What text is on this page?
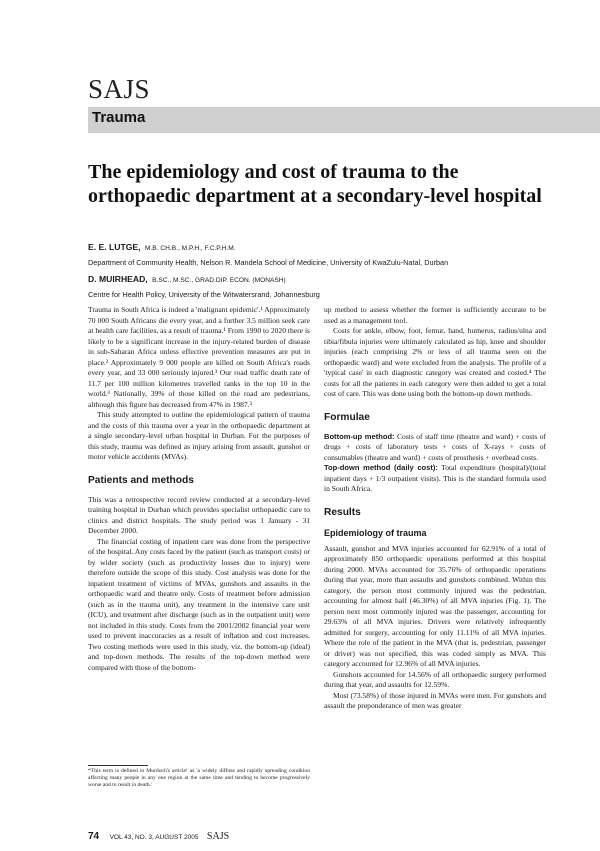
SAJS
Trauma
The epidemiology and cost of trauma to the orthopaedic department at a secondary-level hospital
E. E. LUTGE, M.B. CH.B., M.P.H., F.C.P.H.M.
Department of Community Health, Nelson R. Mandela School of Medicine, University of KwaZulu-Natal, Durban
D. MUIRHEAD, B.SC., M.SC., GRAD.DIP. ECON. (MONASH)
Centre for Health Policy, University of the Witwatersrand, Johannesburg

Trauma in South Africa is indeed a 'malignant epidemic'.¹ Approximately 70 000 South Africans die every year, and a further 3.5 million seek care at health care facilities, as a result of trauma.¹ From 1990 to 2020 there is likely to be a significant increase in the injury-related burden of disease in sub-Saharan Africa unless effective prevention measures are put in place.² Approximately 9 000 people are killed on South Africa's roads every year, and 33 000 seriously injured.³ Our road traffic death rate of 11.7 per 100 million kilometres travelled ranks in the top 10 in the world.³ Nationally, 39% of those killed on the road are pedestrians, although this figure has decreased from 47% in 1987.³

This study attempted to outline the epidemiological pattern of trauma and the costs of this trauma over a year in the orthopaedic department at a single secondary-level urban hospital in Durban. For the purposes of this study, trauma was defined as injury arising from assault, gunshot or motor vehicle accidents (MVAs).

Patients and methods

This was a retrospective record review conducted at a secondary-level training hospital in Durban which provides specialist orthopaedic care to clinics and district hospitals. The study period was 1 January - 31 December 2000.

The financial costing of inpatient care was done from the perspective of the hospital. Any costs faced by the patient (such as transport costs) or by wider society (such as productivity losses due to injury) were therefore outside the scope of this study. Cost analysis was done for the inpatient treatment of victims of MVAs, gunshots and assaults in the orthopaedic ward and theatre only. Costs of treatment before admission (such as in the trauma unit), any treatment in the intensive care unit (ICU), and treatment after discharge (such as in the outpatient unit) were not included in this study. Costs from the 2001/2002 financial year were used to prevent inaccuracies as a result of inflation and cost increases. Two costing methods were used in this study, viz. the bottom-up (ideal) and top-down methods. The results of the top-down method were compared with those of the bottom-

*This term is defined in Murdoch's article¹ as 'a widely diffuse and rapidly spreading condition affecting many people in any one region at the same time and tending to become progressively worse and to result in death.'

up method to assess whether the former is sufficiently accurate to be used as a management tool.

Costs for ankle, elbow, foot, femur, hand, humerus, radius/ulna and tibia/fibula injuries were ultimately calculated as hip, knee and shoulder injuries (each comprising 2% or less of all trauma seen on the orthopaedic ward) and were excluded from the analysis. The profile of a 'typical case' in each diagnostic category was created and costed.⁴ The costs for all the patients in each category were then added to get a total cost of care. This was done using both the bottom-up down methods.

Formulae

Bottom-up method: Costs of staff time (theatre and ward) + costs of drugs + costs of laboratory tests + costs of X-rays + costs of consumables (theatre and ward) + costs of prosthesis + overhead costs.

Top-down method (daily cost): Total expenditure (hospital)/(total inpatient days + 1/3 outpatient visits). This is the standard formula used in South Africa.

Results
Epidemiology of trauma

Assault, gunshot and MVA injuries accounted for 62.91% of a total of approximately 850 orthopaedic operations performed at this hospital during 2000. MVAs accounted for 35.76% of orthopaedic operations during that year, more than assaults and gunshots combined. Within this category, the person most commonly injured was the pedestrian, accounting for almost half (46.30%) of all MVA injuries (Fig. 1). The person next most commonly injured was the passenger, accounting for 29.63% of all MVA injuries. Drivers were relatively infrequently admitted for surgery, accounting for only 11.11% of all MVA injuries. Where the role of the patient in the MVA (that is, pedestrian, passenger or driver) was not specified, this was coded simply as MVA. This category accounted for 12.96% of all MVA injuries.

Gunshots accounted for 14.56% of all orthopaedic surgery performed during that year, and assaults for 12.59%.

Most (73.58%) of those injured in MVAs were men. For gunshots and assault the preponderance of men was greater

74 VOL 43, NO. 3, AUGUST 2005 SAJS
